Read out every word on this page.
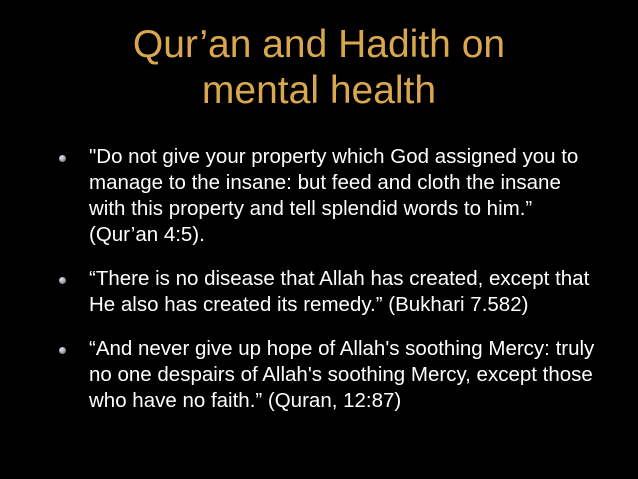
Qur’an and Hadith on
mental health
"Do not give your property which God assigned you to manage to the insane: but feed and cloth the insane with this property and tell splendid words to him.” (Qur’an 4:5).
“There is no disease that Allah has created, except that He also has created its remedy.” (Bukhari 7.582)
“And never give up hope of Allah's soothing Mercy: truly no one despairs of Allah's soothing Mercy, except those who have no faith.” (Quran, 12:87)
